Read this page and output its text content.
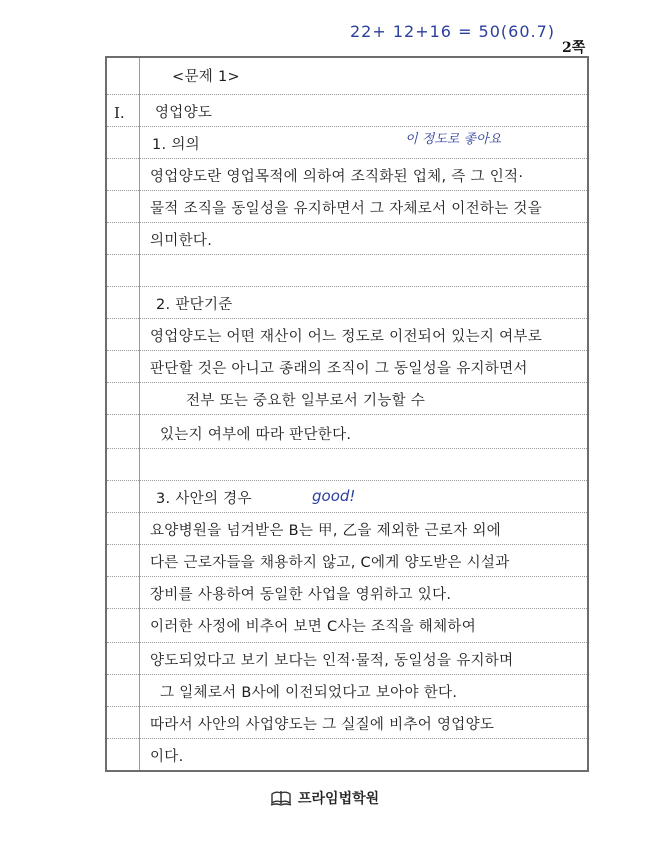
22+ 12+16 = 50(60.7)
2쪽
<문제 1>
I. 영업양도
1. 의의	이 정도로 좋아요
영업양도란 영업목적에 의하여 조직화된 업체, 즉 그 인적·
물적 조직을 동일성을 유지하면서 그 자체로서 이전하는 것을
의미한다.
2. 판단기준
영업양도는 어떤 재산이 어느 정도로 이전되어 있는지 여부로
판단할 것은 아니고 종래의 조직이 그 동일성을 유지하면서
전부 또는 중요한 일부로서 기능할 수
있는지 여부에 따라 판단한다.
3. 사안의 경우	good!
요양병원을 넘겨받은 B는 甲, 乙을 제외한 근로자 외에
다른 근로자들을 채용하지 않고, C에게 양도받은 시설과
장비를 사용하여 동일한 사업을 영위하고 있다.
이러한 사정에 비추어 보면 C사는 조직을 해체하여
양도되었다고 보기 보다는 인적·물적, 동일성을 유지하며
그 일체로서 B사에 이전되었다고 보아야 한다.
따라서 사안의 사업양도는 그 실질에 비추어 영업양도
이다.
프라임법학원
